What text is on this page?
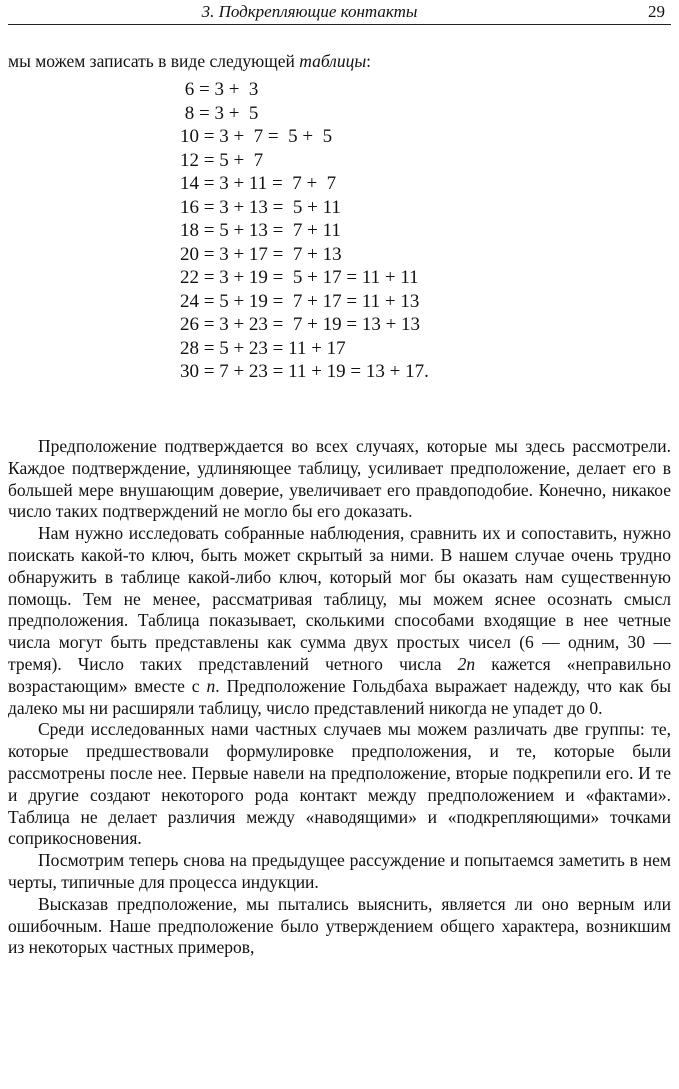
3. Подкрепляющие контакты	29

мы можем записать в виде следующей таблицы:

6 = 3 +  3
8 = 3 +  5
10 = 3 +  7 =  5 +  5
12 = 5 +  7
14 = 3 + 11 =  7 +  7
16 = 3 + 13 =  5 + 11
18 = 5 + 13 =  7 + 11
20 = 3 + 17 =  7 + 13
22 = 3 + 19 =  5 + 17 = 11 + 11
24 = 5 + 19 =  7 + 17 = 11 + 13
26 = 3 + 23 =  7 + 19 = 13 + 13
28 = 5 + 23 = 11 + 17
30 = 7 + 23 = 11 + 19 = 13 + 17.

Предположение подтверждается во всех случаях, которые мы здесь рассмотрели. Каждое подтверждение, удлиняющее таблицу, усиливает предположение, делает его в большей мере внушающим доверие, увеличивает его правдоподобие. Конечно, никакое число таких подтверждений не могло бы его доказать.

Нам нужно исследовать собранные наблюдения, сравнить их и сопоставить, нужно поискать какой-то ключ, быть может скрытый за ними. В нашем случае очень трудно обнаружить в таблице какой-либо ключ, который мог бы оказать нам существенную помощь. Тем не менее, рассматривая таблицу, мы можем яснее осознать смысл предположения. Таблица показывает, сколькими способами входящие в нее четные числа могут быть представлены как сумма двух простых чисел (6 — одним, 30 — тремя). Число таких представлений четного числа 2n кажется «неправильно возрастающим» вместе с n. Предположение Гольдбаха выражает надежду, что как бы далеко мы ни расширяли таблицу, число представлений никогда не упадет до 0.

Среди исследованных нами частных случаев мы можем различать две группы: те, которые предшествовали формулировке предположения, и те, которые были рассмотрены после нее. Первые навели на предположение, вторые подкрепили его. И те и другие создают некоторого рода контакт между предположением и «фактами». Таблица не делает различия между «наводящими» и «подкрепляющими» точками соприкосновения.

Посмотрим теперь снова на предыдущее рассуждение и попытаемся заметить в нем черты, типичные для процесса индукции.

Высказав предположение, мы пытались выяснить, является ли оно верным или ошибочным. Наше предположение было утверждением общего характера, возникшим из некоторых частных примеров,
